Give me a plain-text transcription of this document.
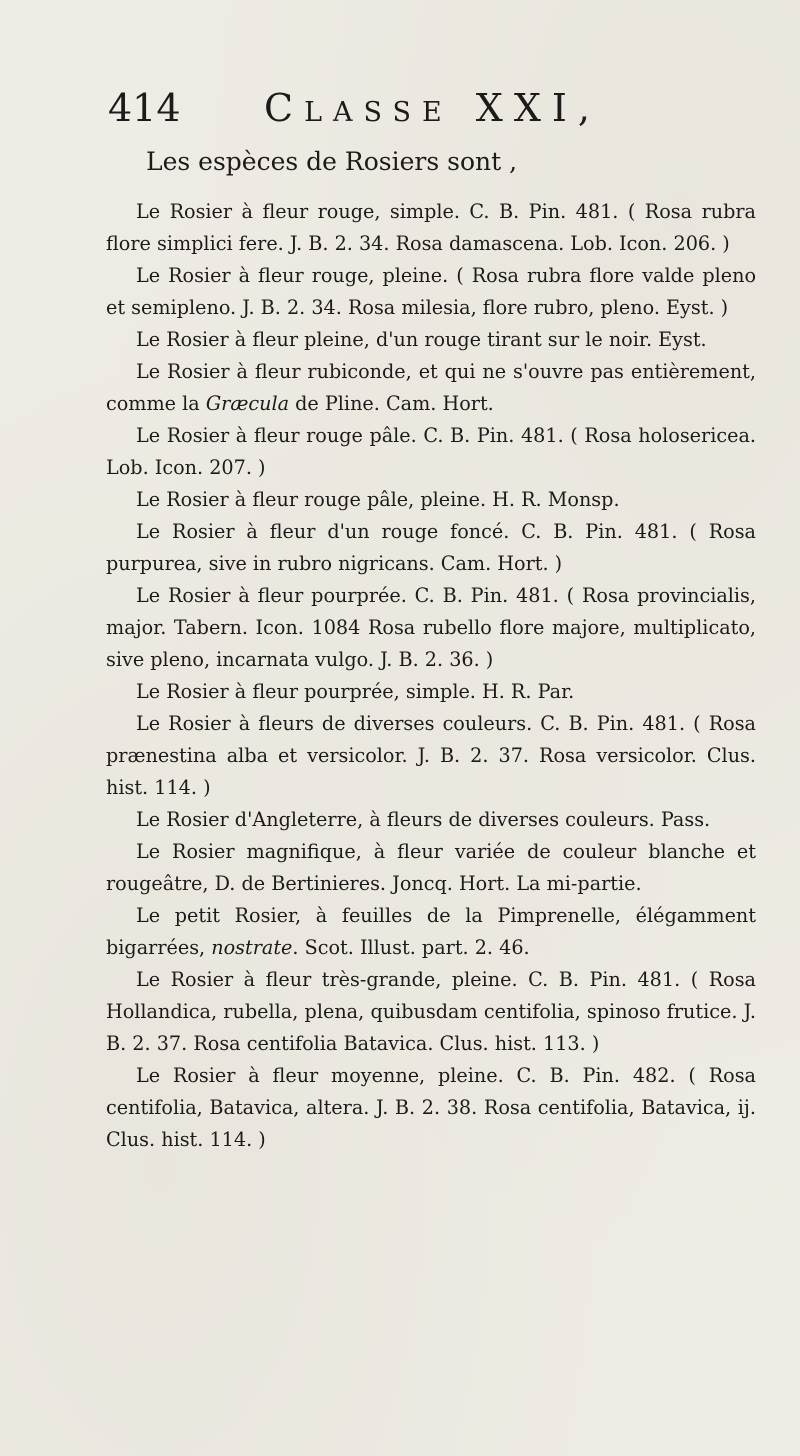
414 Classe XXI,
Les espèces de Rosiers sont ,

Le Rosier à fleur rouge, simple. C. B. Pin. 481. ( Rosa rubra flore simplici fere. J. B. 2. 34. Rosa damascena. Lob. Icon. 206. )

Le Rosier à fleur rouge, pleine. ( Rosa rubra flore valde pleno et semipleno. J. B. 2. 34. Rosa milesia, flore rubro, pleno. Eyst. )

Le Rosier à fleur pleine, d'un rouge tirant sur le noir. Eyst.

Le Rosier à fleur rubiconde, et qui ne s'ouvre pas entièrement, comme la Græcula de Pline. Cam. Hort.

Le Rosier à fleur rouge pâle. C. B. Pin. 481. ( Rosa holosericea. Lob. Icon. 207. )

Le Rosier à fleur rouge pâle, pleine. H. R. Monsp.

Le Rosier à fleur d'un rouge foncé. C. B. Pin. 481. ( Rosa purpurea, sive in rubro nigricans. Cam. Hort. )

Le Rosier à fleur pourprée. C. B. Pin. 481. ( Rosa provincialis, major. Tabern. Icon. 1084 Rosa rubello flore majore, multiplicato, sive pleno, incarnata vulgo. J. B. 2. 36. )

Le Rosier à fleur pourprée, simple. H. R. Par.

Le Rosier à fleurs de diverses couleurs. C. B. Pin. 481. ( Rosa prænestina alba et versicolor. J. B. 2. 37. Rosa versicolor. Clus. hist. 114. )

Le Rosier d'Angleterre, à fleurs de diverses couleurs. Pass.

Le Rosier magnifique, à fleur variée de couleur blanche et rougeâtre, D. de Bertinieres. Joncq. Hort. La mi-partie.

Le petit Rosier, à feuilles de la Pimprenelle, élégamment bigarrées, nostrate. Scot. Illust. part. 2. 46.

Le Rosier à fleur très-grande, pleine. C. B. Pin. 481. ( Rosa Hollandica, rubella, plena, quibusdam centifolia, spinoso frutice. J. B. 2. 37. Rosa centifolia Batavica. Clus. hist. 113. )

Le Rosier à fleur moyenne, pleine. C. B. Pin. 482. ( Rosa centifolia, Batavica, altera. J. B. 2. 38. Rosa centifolia, Batavica, ij. Clus. hist. 114. )
